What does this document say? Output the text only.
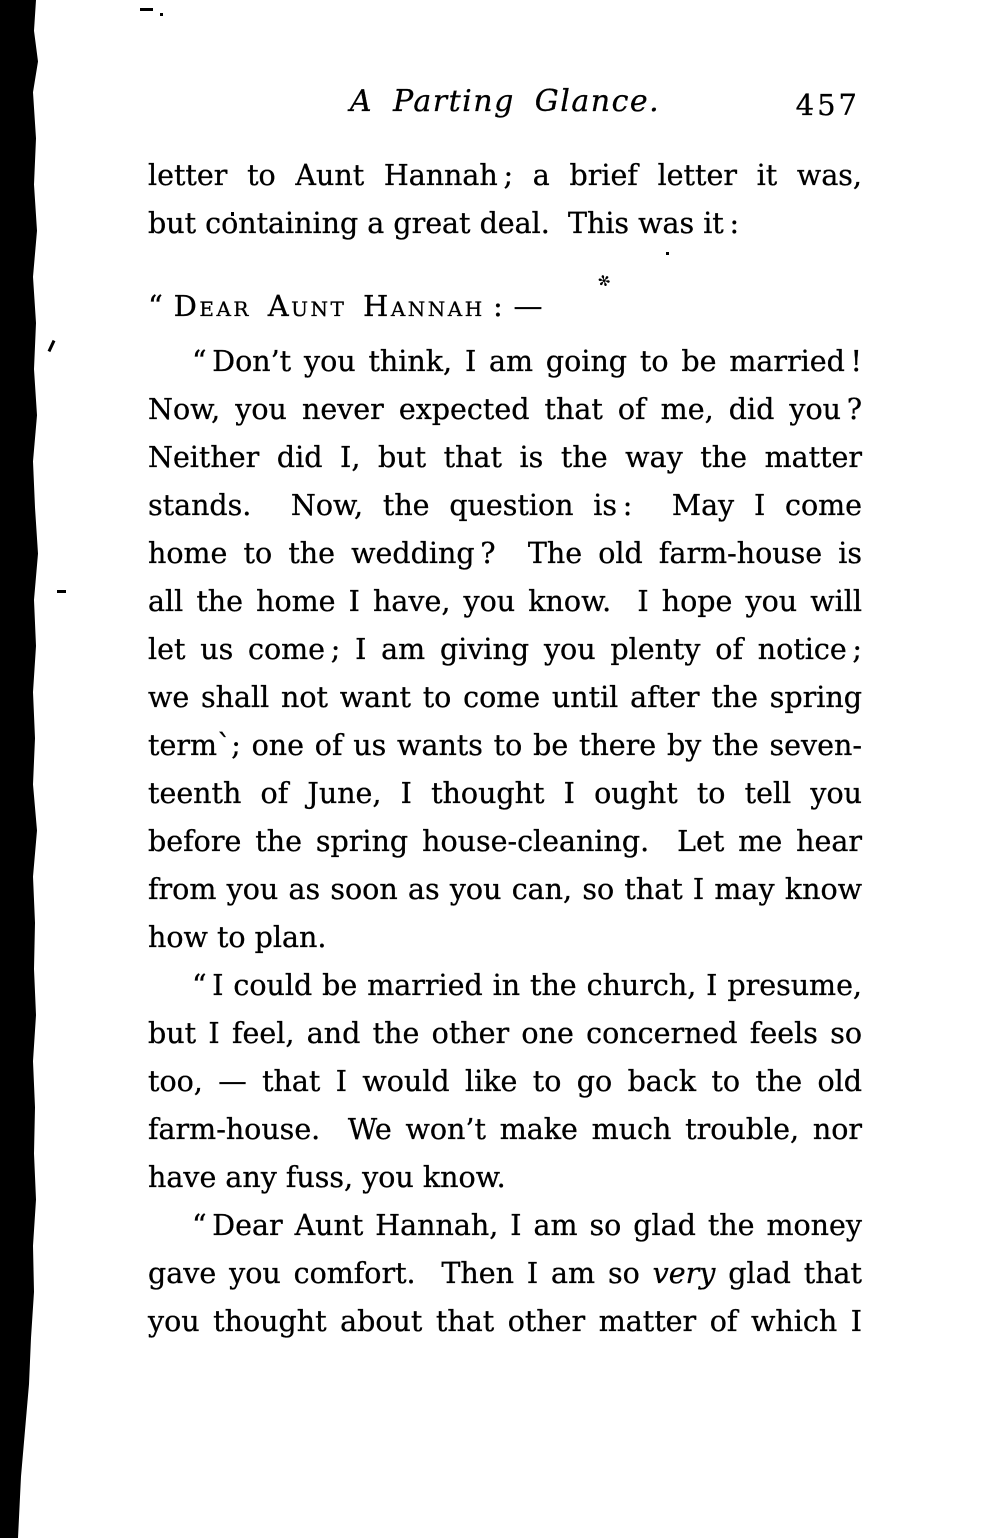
A Parting Glance.	457
✻
letter to Aunt Hannah ; a brief letter it was,
but containing a great deal.  This was it :
“ Dear Aunt Hannah : —
“ Don’t you think, I am going to be married !
Now, you never expected that of me, did you ?
Neither did I, but that is the way the matter
stands.  Now, the question is :  May I come
home to the wedding ?  The old farm-house is
all the home I have, you know.  I hope you will
let us come ; I am giving you plenty of notice ;
we shall not want to come until after the spring
term`; one of us wants to be there by the seven-
teenth of June, I thought I ought to tell you
before the spring house-cleaning.  Let me hear
from you as soon as you can, so that I may know
how to plan.
“ I could be married in the church, I presume,
but I feel, and the other one concerned feels so
too, — that I would like to go back to the old
farm-house.  We won’t make much trouble, nor
have any fuss, you know.
“ Dear Aunt Hannah, I am so glad the money
gave you comfort.  Then I am so very glad that
you thought about that other matter of which I
